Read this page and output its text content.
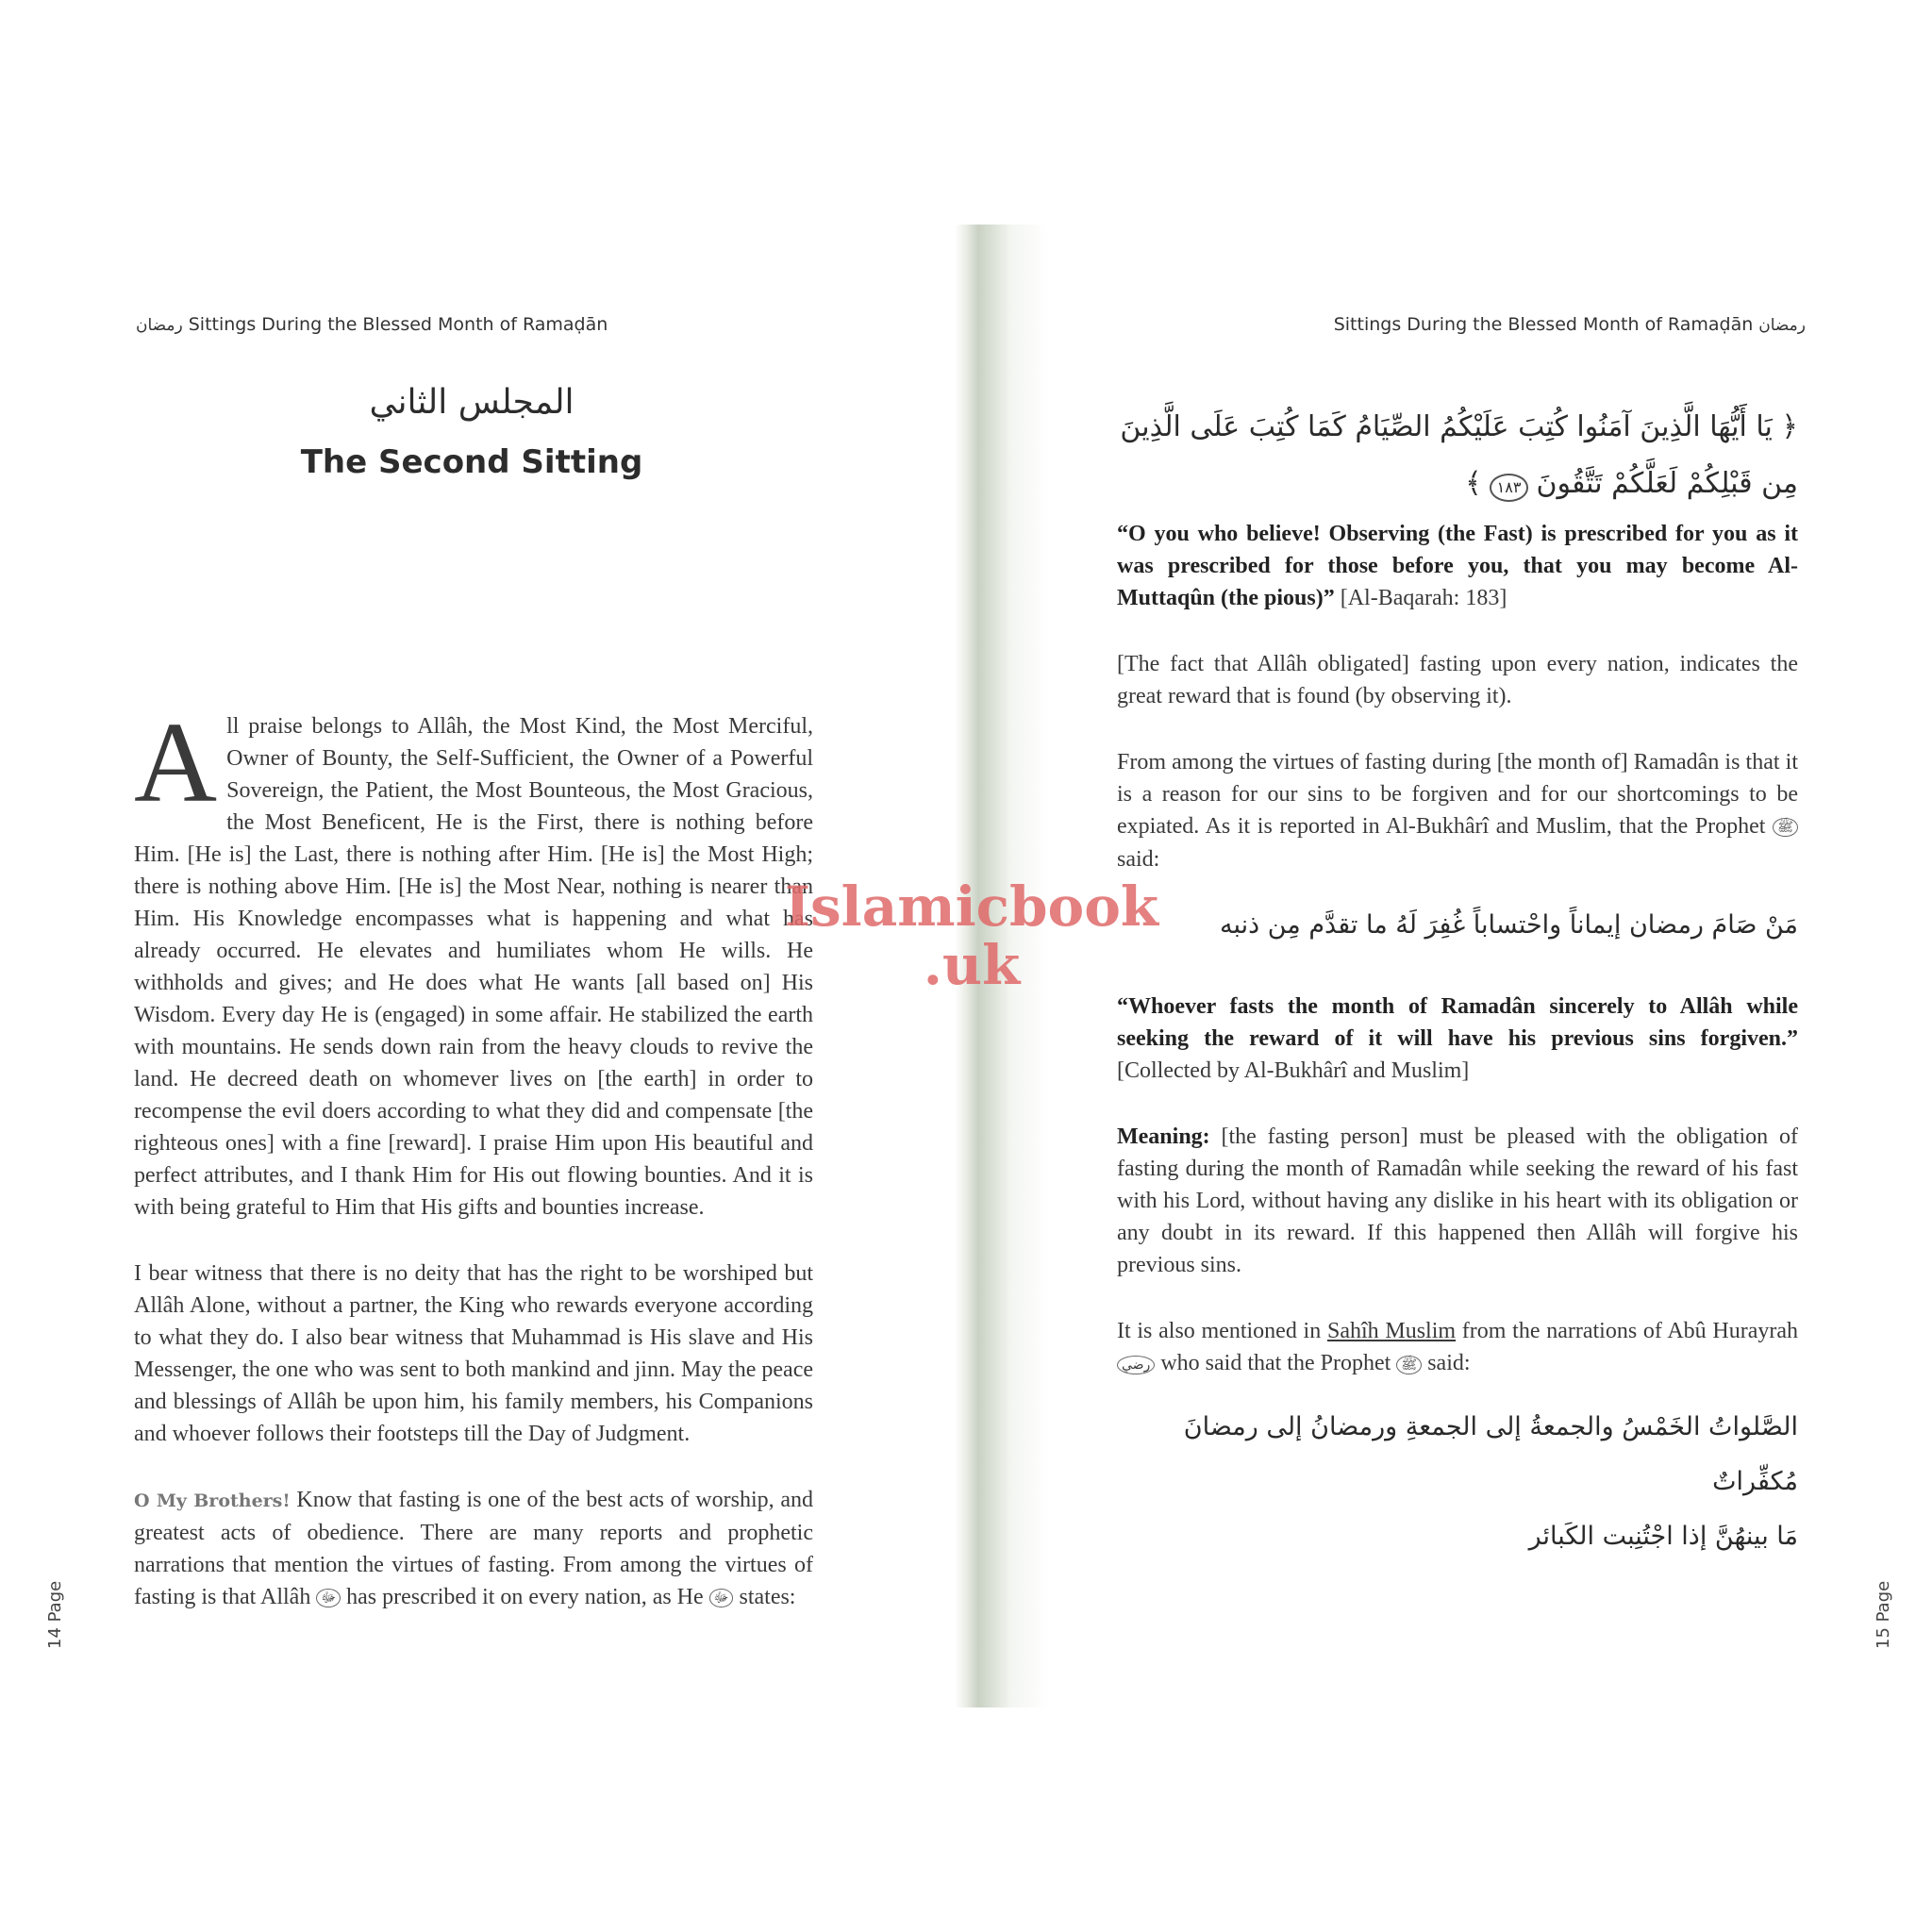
رمضان Sittings During the Blessed Month of Ramaḍān
المجلس الثاني
The Second Sitting

All praise belongs to Allâh, the Most Kind, the Most Merciful, Owner of Bounty, the Self-Sufficient, the Owner of a Powerful Sovereign, the Patient, the Most Bounteous, the Most Gracious, the Most Beneficent, He is the First, there is nothing before Him. [He is] the Last, there is nothing after Him. [He is] the Most High; there is nothing above Him. [He is] the Most Near, nothing is nearer than Him. His Knowledge encompasses what is happening and what has already occurred. He elevates and humiliates whom He wills. He withholds and gives; and He does what He wants [all based on] His Wisdom. Every day He is (engaged) in some affair. He stabilized the earth with mountains. He sends down rain from the heavy clouds to revive the land. He decreed death on whomever lives on [the earth] in order to recompense the evil doers according to what they did and compensate [the righteous ones] with a fine [reward]. I praise Him upon His beautiful and perfect attributes, and I thank Him for His out flowing bounties. And it is with being grateful to Him that His gifts and bounties increase.

I bear witness that there is no deity that has the right to be worshiped but Allâh Alone, without a partner, the King who rewards everyone according to what they do. I also bear witness that Muhammad is His slave and His Messenger, the one who was sent to both mankind and jinn. May the peace and blessings of Allâh be upon him, his family members, his Companions and whoever follows their footsteps till the Day of Judgment.

O My Brothers! Know that fasting is one of the best acts of worship, and greatest acts of obedience. There are many reports and prophetic narrations that mention the virtues of fasting. From among the virtues of fasting is that Allâh ﷻ has prescribed it on every nation, as He ﷻ states:

14 Page
Sittings During the Blessed Month of Ramaḍān رمضان
﴿ يَا أَيُّهَا الَّذِينَ آمَنُوا كُتِبَ عَلَيْكُمُ الصِّيَامُ كَمَا كُتِبَ عَلَى الَّذِينَ
مِن قَبْلِكُمْ لَعَلَّكُمْ تَتَّقُونَ١٨٣﴾

“O you who believe! Observing (the Fast) is prescribed for you as it was prescribed for those before you, that you may become Al-Muttaqûn (the pious)” [Al-Baqarah: 183]

[The fact that Allâh obligated] fasting upon every nation, indicates the great reward that is found (by observing it).

From among the virtues of fasting during [the month of] Ramadân is that it is a reason for our sins to be forgiven and for our shortcomings to be expiated. As it is reported in Al-Bukhârî and Muslim, that the Prophet ﷺ said:

مَنْ صَامَ رمضان إيماناً واحْتساباً غُفِرَ لَهُ ما تقدَّم مِن ذنبه

“Whoever fasts the month of Ramadân sincerely to Allâh while seeking the reward of it will have his previous sins forgiven.” [Collected by Al-Bukhârî and Muslim]

Meaning: [the fasting person] must be pleased with the obligation of fasting during the month of Ramadân while seeking the reward of his fast with his Lord, without having any dislike in his heart with its obligation or any doubt in its reward. If this happened then Allâh will forgive his previous sins.

It is also mentioned in Sahîh Muslim from the narrations of Abû Hurayrah رضي who said that the Prophet ﷺ said:

الصَّلواتُ الخَمْسُ والجمعةُ إلى الجمعةِ ورمضانُ إلى رمضانَ مُكفِّراتٌ
مَا بينهُنَّ إذا اجْتُنِبت الكَبائر
15 Page
Islamicbook
.uk
